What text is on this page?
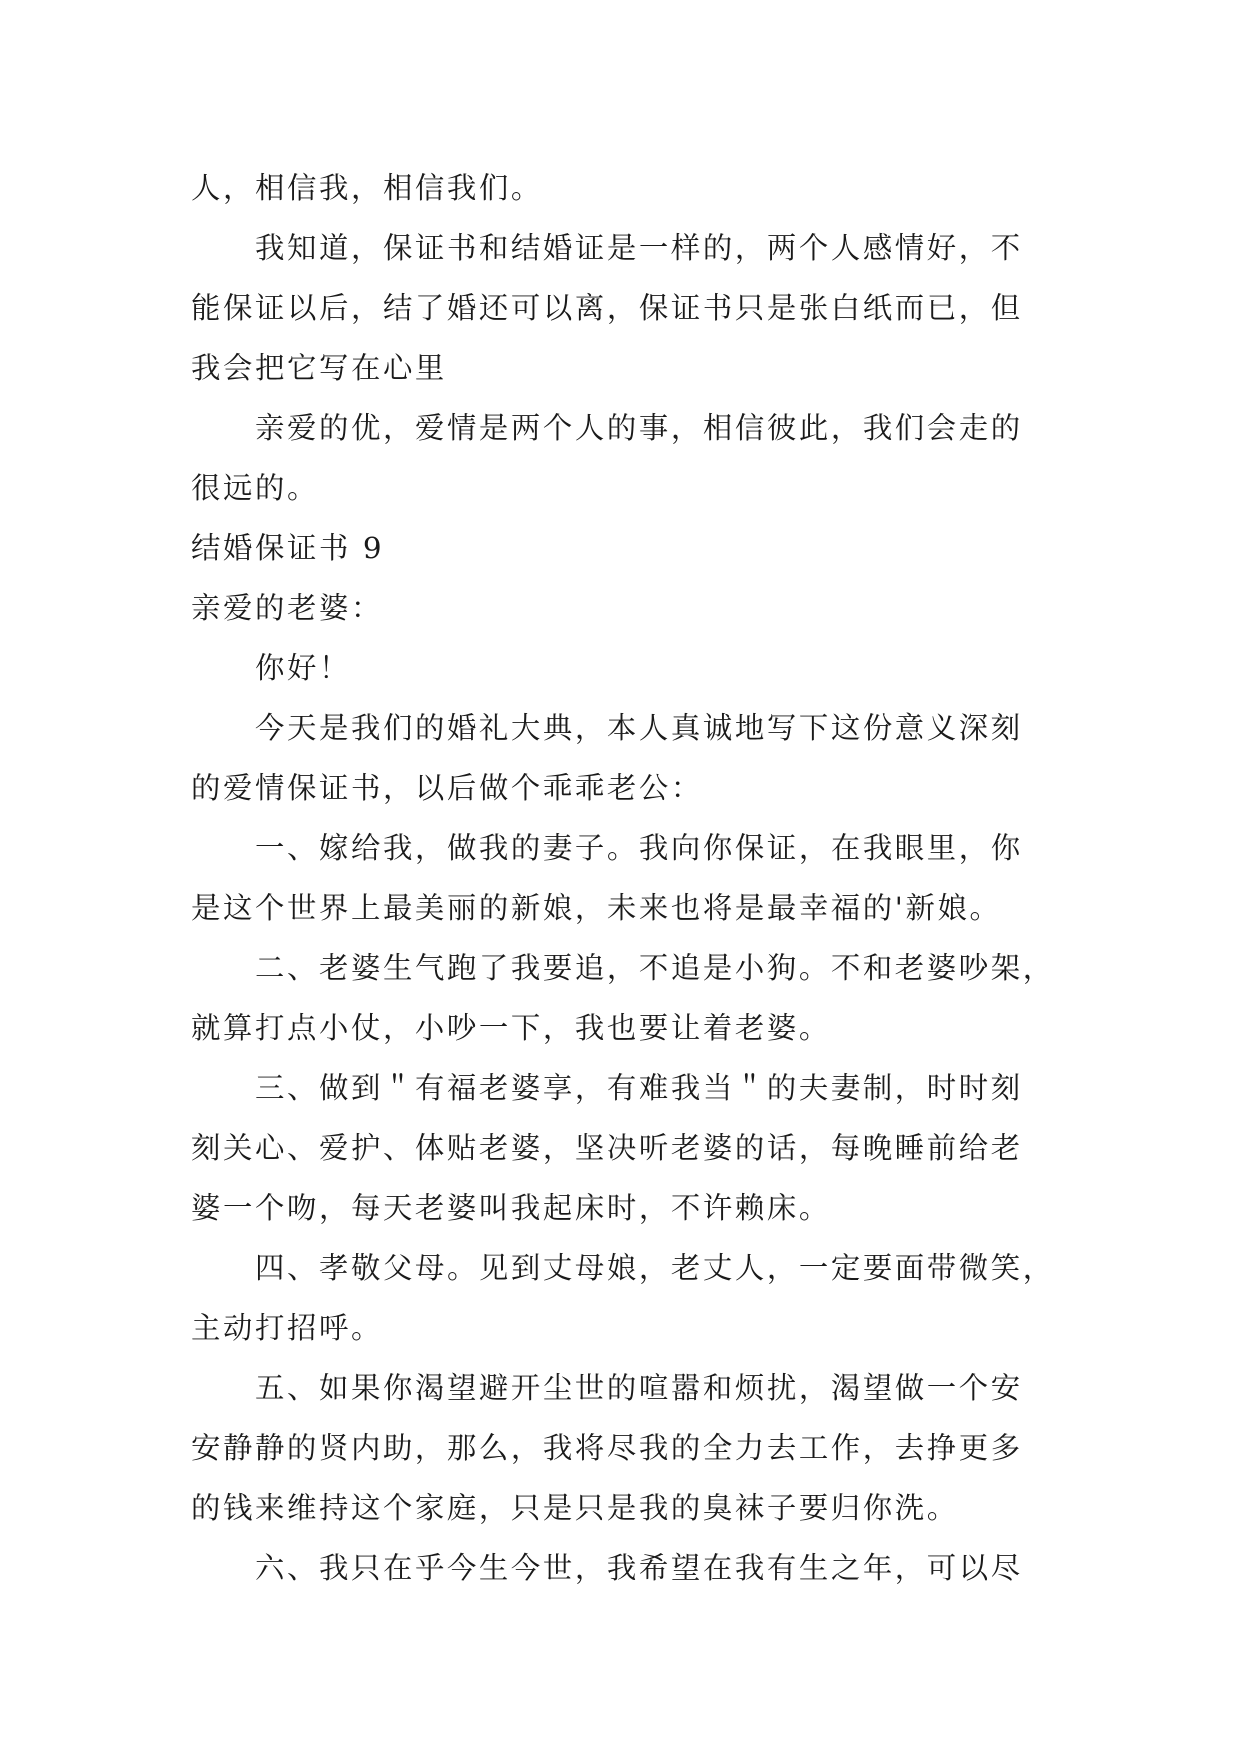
人，相信我，相信我们。
我知道，保证书和结婚证是一样的，两个人感情好，不
能保证以后，结了婚还可以离，保证书只是张白纸而已，但
我会把它写在心里
亲爱的优，爱情是两个人的事，相信彼此，我们会走的
很远的。
结婚保证书 9
亲爱的老婆：
你好！
今天是我们的婚礼大典，本人真诚地写下这份意义深刻
的爱情保证书，以后做个乖乖老公：
一、嫁给我，做我的妻子。我向你保证，在我眼里，你
是这个世界上最美丽的新娘，未来也将是最幸福的'新娘。
二、老婆生气跑了我要追，不追是小狗。不和老婆吵架，
就算打点小仗，小吵一下，我也要让着老婆。
三、做到＂有福老婆享，有难我当＂的夫妻制，时时刻
刻关心、爱护、体贴老婆，坚决听老婆的话，每晚睡前给老
婆一个吻，每天老婆叫我起床时，不许赖床。
四、孝敬父母。见到丈母娘，老丈人，一定要面带微笑，
主动打招呼。
五、如果你渴望避开尘世的喧嚣和烦扰，渴望做一个安
安静静的贤内助，那么，我将尽我的全力去工作，去挣更多
的钱来维持这个家庭，只是只是我的臭袜子要归你洗。
六、我只在乎今生今世，我希望在我有生之年，可以尽
